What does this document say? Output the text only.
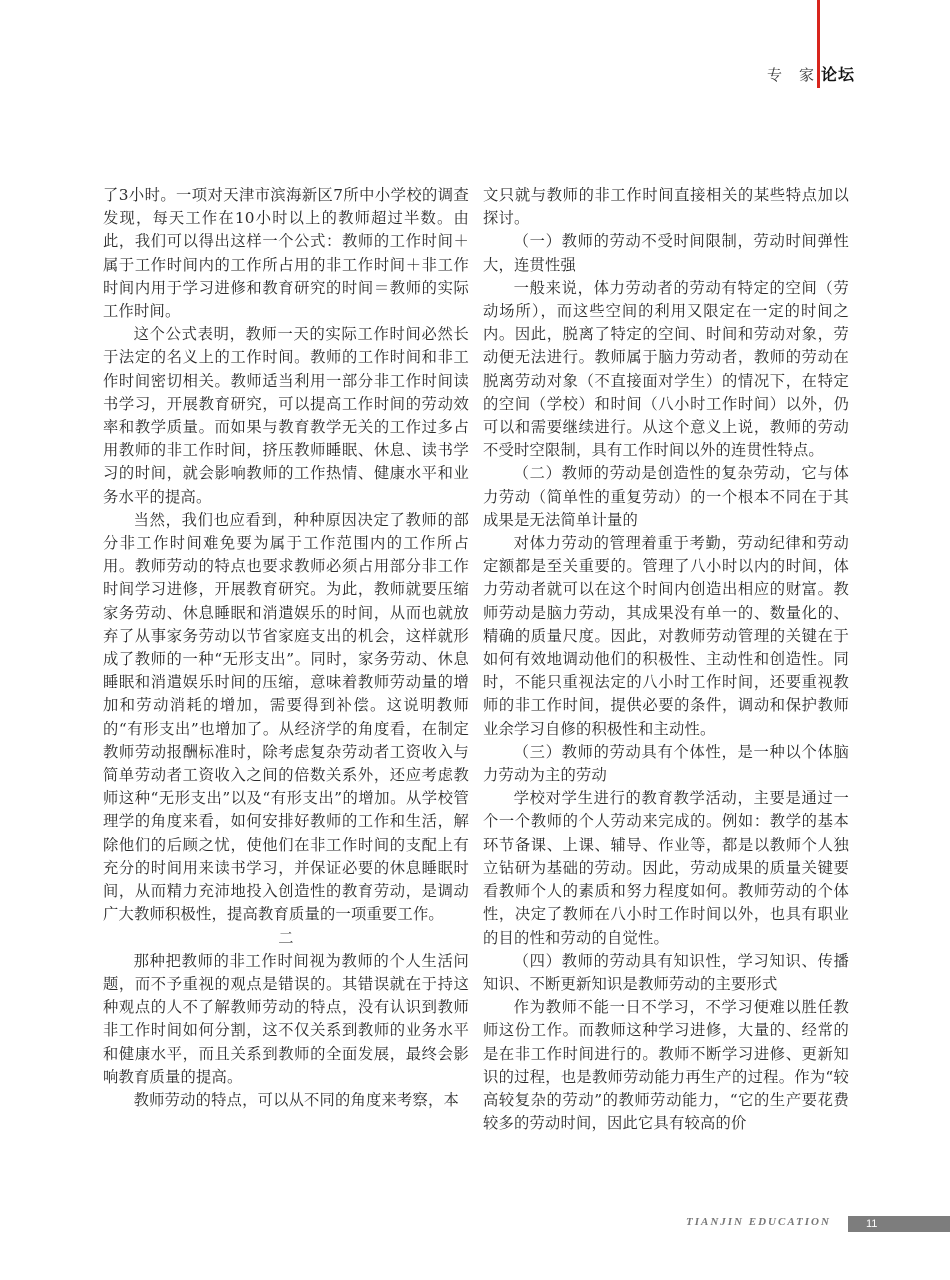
专　家 论坛

了3小时。一项对天津市滨海新区7所中小学校的调查发现，每天工作在10小时以上的教师超过半数。由此，我们可以得出这样一个公式：教师的工作时间＋属于工作时间内的工作所占用的非工作时间＋非工作时间内用于学习进修和教育研究的时间＝教师的实际工作时间。

这个公式表明，教师一天的实际工作时间必然长于法定的名义上的工作时间。教师的工作时间和非工作时间密切相关。教师适当利用一部分非工作时间读书学习，开展教育研究，可以提高工作时间的劳动效率和教学质量。而如果与教育教学无关的工作过多占用教师的非工作时间，挤压教师睡眠、休息、读书学习的时间，就会影响教师的工作热情、健康水平和业务水平的提高。

当然，我们也应看到，种种原因决定了教师的部分非工作时间难免要为属于工作范围内的工作所占用。教师劳动的特点也要求教师必须占用部分非工作时间学习进修，开展教育研究。为此，教师就要压缩家务劳动、休息睡眠和消遣娱乐的时间，从而也就放弃了从事家务劳动以节省家庭支出的机会，这样就形成了教师的一种“无形支出”。同时，家务劳动、休息睡眠和消遣娱乐时间的压缩，意味着教师劳动量的增加和劳动消耗的增加，需要得到补偿。这说明教师的“有形支出”也增加了。从经济学的角度看，在制定教师劳动报酬标准时，除考虑复杂劳动者工资收入与简单劳动者工资收入之间的倍数关系外，还应考虑教师这种“无形支出”以及“有形支出”的增加。从学校管理学的角度来看，如何安排好教师的工作和生活，解除他们的后顾之忧，使他们在非工作时间的支配上有充分的时间用来读书学习，并保证必要的休息睡眠时间，从而精力充沛地投入创造性的教育劳动，是调动广大教师积极性，提高教育质量的一项重要工作。

二

那种把教师的非工作时间视为教师的个人生活问题，而不予重视的观点是错误的。其错误就在于持这种观点的人不了解教师劳动的特点，没有认识到教师非工作时间如何分割，这不仅关系到教师的业务水平和健康水平，而且关系到教师的全面发展，最终会影响教育质量的提高。

教师劳动的特点，可以从不同的角度来考察，本

文只就与教师的非工作时间直接相关的某些特点加以探讨。

（一）教师的劳动不受时间限制，劳动时间弹性大，连贯性强

一般来说，体力劳动者的劳动有特定的空间（劳动场所），而这些空间的利用又限定在一定的时间之内。因此，脱离了特定的空间、时间和劳动对象，劳动便无法进行。教师属于脑力劳动者，教师的劳动在脱离劳动对象（不直接面对学生）的情况下，在特定的空间（学校）和时间（八小时工作时间）以外，仍可以和需要继续进行。从这个意义上说，教师的劳动不受时空限制，具有工作时间以外的连贯性特点。

（二）教师的劳动是创造性的复杂劳动，它与体力劳动（简单性的重复劳动）的一个根本不同在于其成果是无法简单计量的

对体力劳动的管理着重于考勤，劳动纪律和劳动定额都是至关重要的。管理了八小时以内的时间，体力劳动者就可以在这个时间内创造出相应的财富。教师劳动是脑力劳动，其成果没有单一的、数量化的、精确的质量尺度。因此，对教师劳动管理的关键在于如何有效地调动他们的积极性、主动性和创造性。同时，不能只重视法定的八小时工作时间，还要重视教师的非工作时间，提供必要的条件，调动和保护教师业余学习自修的积极性和主动性。

（三）教师的劳动具有个体性，是一种以个体脑力劳动为主的劳动

学校对学生进行的教育教学活动，主要是通过一个一个教师的个人劳动来完成的。例如：教学的基本环节备课、上课、辅导、作业等，都是以教师个人独立钻研为基础的劳动。因此，劳动成果的质量关键要看教师个人的素质和努力程度如何。教师劳动的个体性，决定了教师在八小时工作时间以外，也具有职业的目的性和劳动的自觉性。

（四）教师的劳动具有知识性，学习知识、传播知识、不断更新知识是教师劳动的主要形式

作为教师不能一日不学习，不学习便难以胜任教师这份工作。而教师这种学习进修，大量的、经常的是在非工作时间进行的。教师不断学习进修、更新知识的过程，也是教师劳动能力再生产的过程。作为“较高较复杂的劳动”的教师劳动能力，“它的生产要花费较多的劳动时间，因此它具有较高的价

TIANJIN EDUCATION	11
